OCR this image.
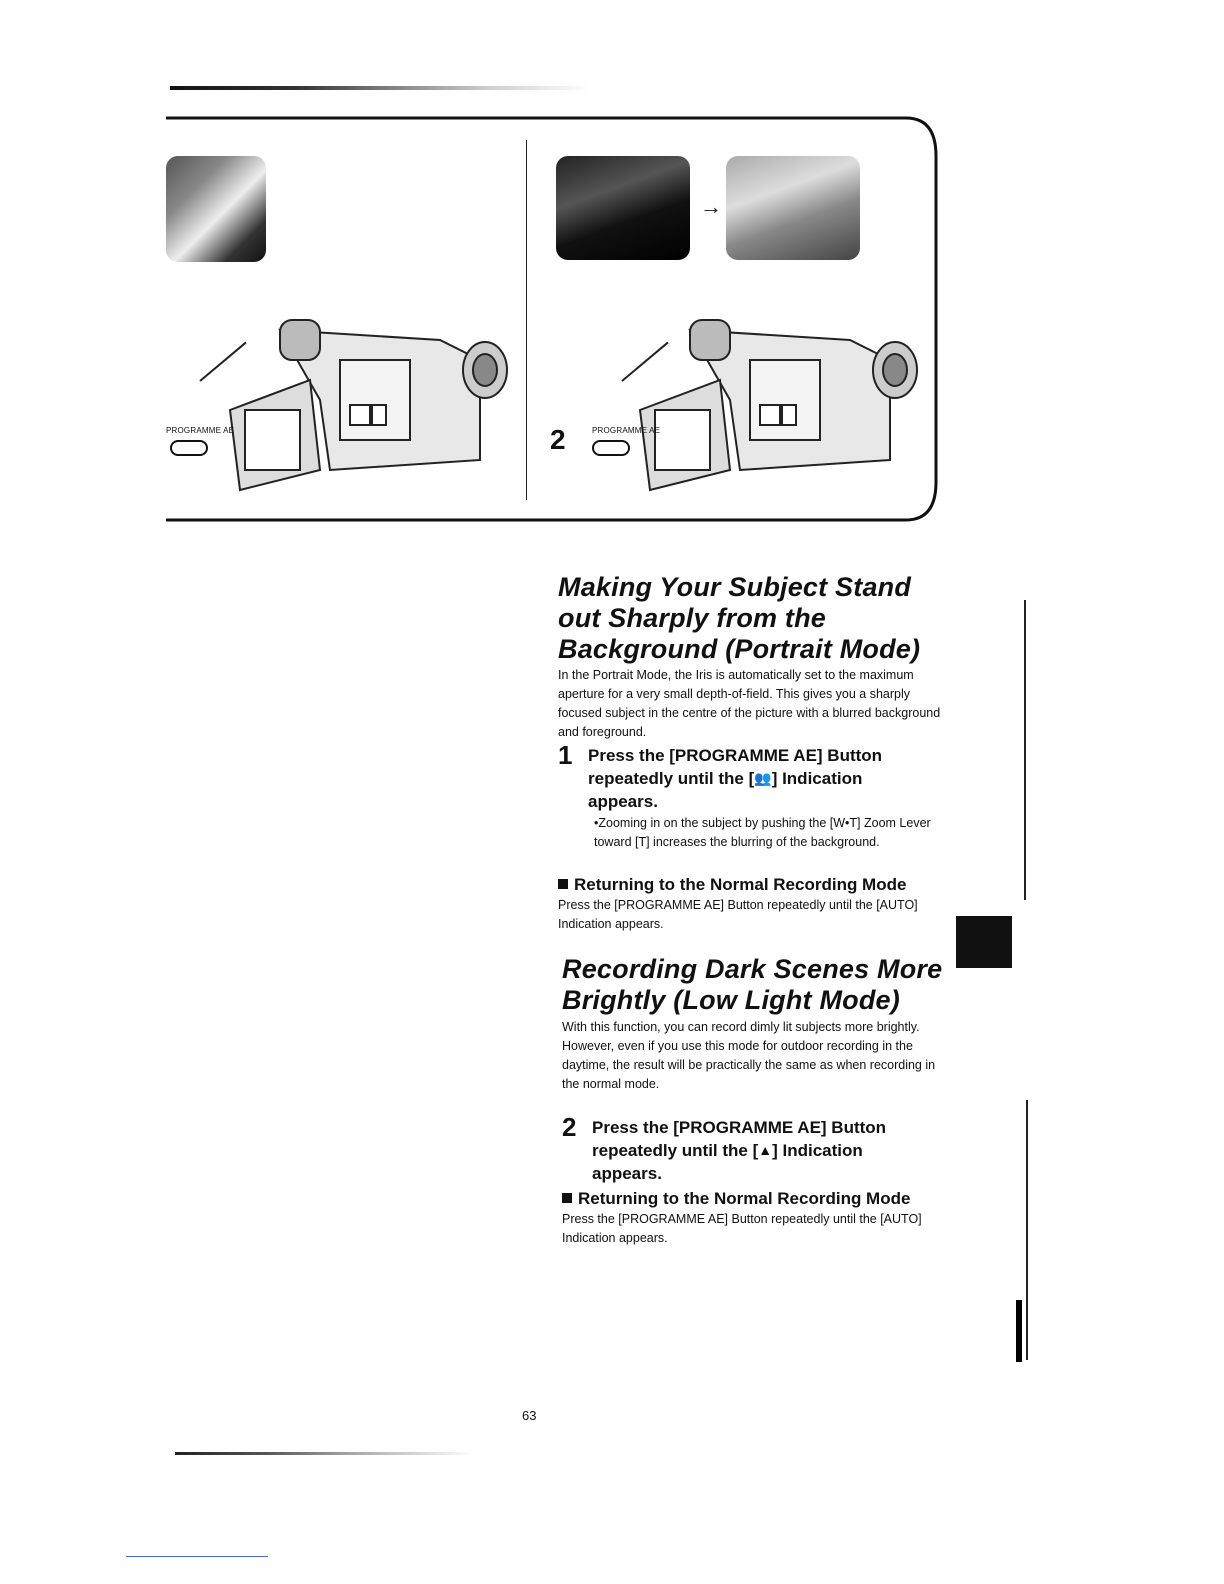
→
PROGRAMME AE	2	PROGRAMME AE
Making Your Subject Stand out Sharply from the Background (Portrait Mode)

In the Portrait Mode, the Iris is automatically set to the maximum aperture for a very small depth-of-field. This gives you a sharply focused subject in the centre of the picture with a blurred background and foreground.

1 Press the [PROGRAMME AE] Button repeatedly until the [👥] Indication appears.
•Zooming in on the subject by pushing the [W•T] Zoom Lever toward [T] increases the blurring of the background.
Returning to the Normal Recording Mode

Press the [PROGRAMME AE] Button repeatedly until the [AUTO] Indication appears.

Recording Dark Scenes More Brightly (Low Light Mode)

With this function, you can record dimly lit subjects more brightly. However, even if you use this mode for outdoor recording in the daytime, the result will be practically the same as when recording in the normal mode.

2 Press the [PROGRAMME AE] Button repeatedly until the [▲] Indication appears.
Returning to the Normal Recording Mode

Press the [PROGRAMME AE] Button repeatedly until the [AUTO] Indication appears.

63
